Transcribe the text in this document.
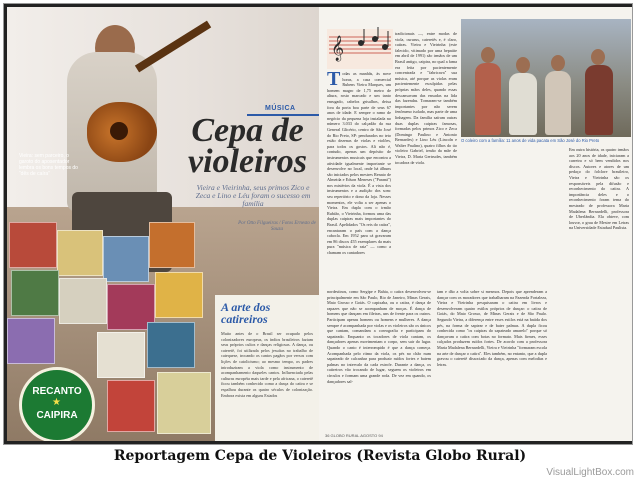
Vieira: sem parceiro, o garoto do aposentador lembra os bons tempos do “dês de caíra”
MÚSICA
Cepa de
violeiros
Vieira e Vieirinha, seus primos Zico e Zeca e Lino e Léu foram o sucesso em família
Por Otto Filgueiras / Fotos Ernesto de Souza
A arte dos catireiros
Muito antes de o Brasil ser ocupado pelos colonizadores europeus, os índios brasileiros faziam seus próprios cultos e danças religiosas. A dança, ou cateretê, foi utilizada pelos jesuítas no trabalho de catequese, trocando os cantos pagãos por versos com lições de catolicismo; ao mesmo tempo, os padres introduziram a viola como instrumento de acompanhamento daqueles cantos. Influenciada pelas culturas européia mais tarde e pela africana, o cateretê ficou também conhecido como a dança do catira e se espalhou durante os quatro séculos de colonização. Embora exista em alguns Estados
RECANTO
★
CAIPIRA
𝄞
Todas as manhãs, às nove horas, a casa comercial Rubens Vieira Marques, um homem magro de 1,75 metro de altura, rosto marcado e um tanto enrugado, cabelos grisalhos, deixa fora da porta boa parte de seus 67 anos de idade. E sempre o ramo de negócio da pequena loja instalada no número 3.033 do calçadão da rua General Glicério, centro de São José do Rio Preto, SP: pendurados no teto estão dezenas de violas e violões, para todos os gostos. Ali não é, contudo, apenas um depósito de instrumentos musicais que encontra a atividade igualmente importante se desenvolve no local, onde há álbuns são iniciados pelos mestres Renato de Almeida e Edson Meneses ("Paraná") nos mistérios da viola. É a vista dos instrumentos e a audição dos som: seu repertório e dono da loja. Nesses momentos, ele volta a ser apenas o Vieira. Em dupla com o irmão Rubião, o Vieirinha, formou uma das duplas caipiras mais importantes do Brasil. Apelidados "Os reis do catira", encantaram o país com a dança cabocla. Em 1952 para cá gravaram em 86 discos 455 exemplares da mais pura "música de raiz" — como a chamam os cantadores
tradicionais —, entre modas de viola, cururus, cateretês e, é claro, catiras. Vieira e Vieirinha (este falecido, vitimado por uma hepatite em abril de 1991) são irmãos de um Brasil antigo, caipira, no qual a fama era feita por pacientemente concentrada e "fabricava" sua música, até porque as violas eram pacientemente esculpidas pelas próprias mãos deles, quando essas descansavam das enxadas na lida das fazendas. Tornaram-se também importantes por não serem fenômeno isolado, mas parte de uma linhagem. Da família saíram outras duas duplas caipiras famosas, formadas pelos primos Zico e Zeca (Domingo Paulino e Antonio Bernardes) e Lino Léu (Lincoln e Walter Paulino), quatro filhos do tio violeiro Gabriel, irmão da mãe de Vieira, D. Maria Gertrudes, também tocadora de viola.
O coleiro com a família: 11 anos de vida pacata em São José do Rio Preto
Em outra história, os quatro irmãos aos 20 anos de idade, iniciaram a carreira e só bem vendidos nos discos. Autores e atores de um pedaço do folclore brasileiro, Vieira e Vieirinha são os responsáveis pela difusão e reconhecimento do catira. A importância deles e o reconhecimento foram tema do mestrado de professora Maria Madalena Bernardelli, professora de Uberlândia. Ela obteve, com louvor, o grau de Mestre em Letras na Universidade Estadual Paulista.
nordestinos, como Sergipe e Bahia, o catira desenvolveu-se principalmente em São Paulo, Rio de Janeiro, Minas Gerais, Mato Grosso e Goiás. O capixaba, ou o catira, é dança de rapazes que não se acompanham de moças. É dança de homens que dançam em fileiras, uns de frente para os outros. Participam apenas homens ou homens e mulheres. A dança sempre é acompanhada por violas e os violeiros são os únicos que cantam, comandam a coreografia e participam do sapateado. Enquanto os tocadores de viola cantam, os dançadores apenas movimentam o corpo, sem sair do lugar. Quando o canto é interrompido é que a dança começa. Acompanhada pelo ritmo da viola, os pés no chão num sapateado de calcanhar para produzir ruídos fortes e batem palmas no intervalo da cada estrofe. Durante a dança, os catireiros vão trocando de lugar, seguem os violeiros em círculos e formam uma grande roda. De vez em quando, os dançadores sal-
tam e dão a volta sobre si mesmos. Depois que aprenderam a dançar com os moradores que trabalharam na Fazenda Fortaleza, Vieira e Vieirinha pesquisaram o catira em livros e desenvolveram quatro estilos próprios de dançar: o catira de Goiás, do Mato Grosso, de Minas Gerais e de São Paulo. Segundo Vieira, a diferença entre esses estilos está na batida dos pés, na forma de saptear e de bater palmas. A dupla ficou conhecida como "os caipiras do sapateado amarelo" porque só dançavam o catira com botas no formato. Mais firmes, esses calçados produzem ruídos fortes. De acordo com a professora Maria Madalena Bernardelli, Vieira e Vieirinha "formaram escola na arte de dançar o catira". Eles também, no entanto, que a dupla gravou o cateretê dissociado da dança, apenas com melodias e letras.
36 GLOBO RURAL AGOSTO 94
Reportagem Cepa de Violeiros (Revista Globo Rural)
VisualLightBox.com
